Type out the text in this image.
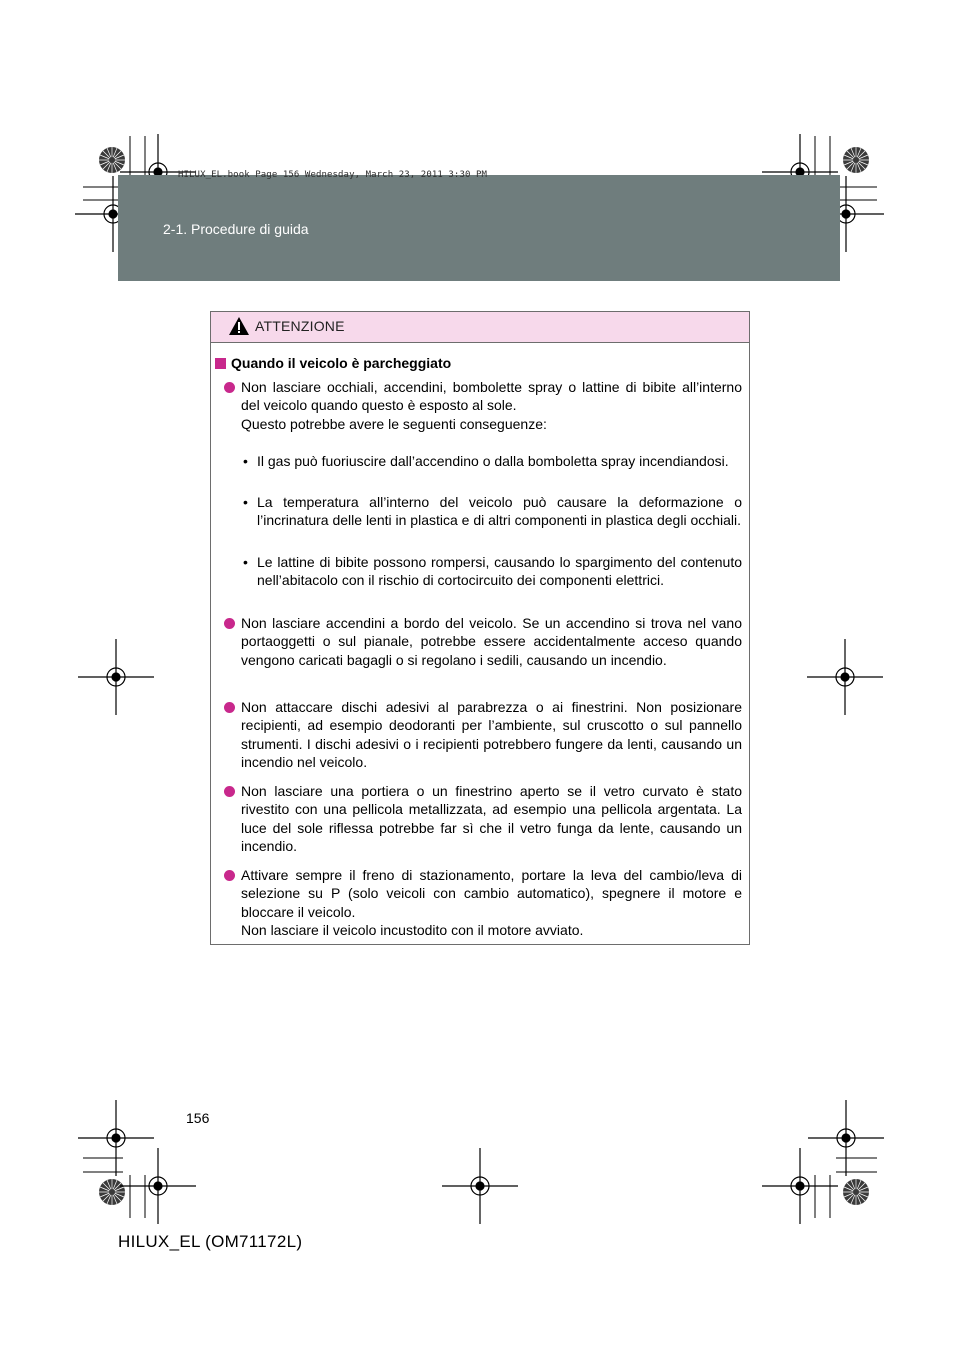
HILUX_EL.book Page 156 Wednesday, March 23, 2011 3:30 PM
2-1. Procedure di guida
ATTENZIONE
Quando il veicolo è parcheggiato

Non lasciare occhiali, accendini, bombolette spray o lattine di bibite all’interno del veicolo quando questo è esposto al sole.

Questo potrebbe avere le seguenti conseguenze:

• Il gas può fuoriuscire dall’accendino o dalla bomboletta spray incendiandosi.
• La temperatura all’interno del veicolo può causare la deformazione o l’incrinatura delle lenti in plastica e di altri componenti in plastica degli occhiali.
• Le lattine di bibite possono rompersi, causando lo spargimento del contenuto nell’abitacolo con il rischio di cortocircuito dei componenti elettrici.

Non lasciare accendini a bordo del veicolo. Se un accendino si trova nel vano portaoggetti o sul pianale, potrebbe essere accidentalmente acceso quando vengono caricati bagagli o si regolano i sedili, causando un incendio.

Non attaccare dischi adesivi al parabrezza o ai finestrini. Non posizionare recipienti, ad esempio deodoranti per l’ambiente, sul cruscotto o sul pannello strumenti. I dischi adesivi o i recipienti potrebbero fungere da lenti, causando un incendio nel veicolo.

Non lasciare una portiera o un finestrino aperto se il vetro curvato è stato rivestito con una pellicola metallizzata, ad esempio una pellicola argentata. La luce del sole riflessa potrebbe far sì che il vetro funga da lente, causando un incendio.

Attivare sempre il freno di stazionamento, portare la leva del cambio/leva di selezione su P (solo veicoli con cambio automatico), spegnere il motore e bloccare il veicolo.

Non lasciare il veicolo incustodito con il motore avviato.

156
HILUX_EL (OM71172L)
